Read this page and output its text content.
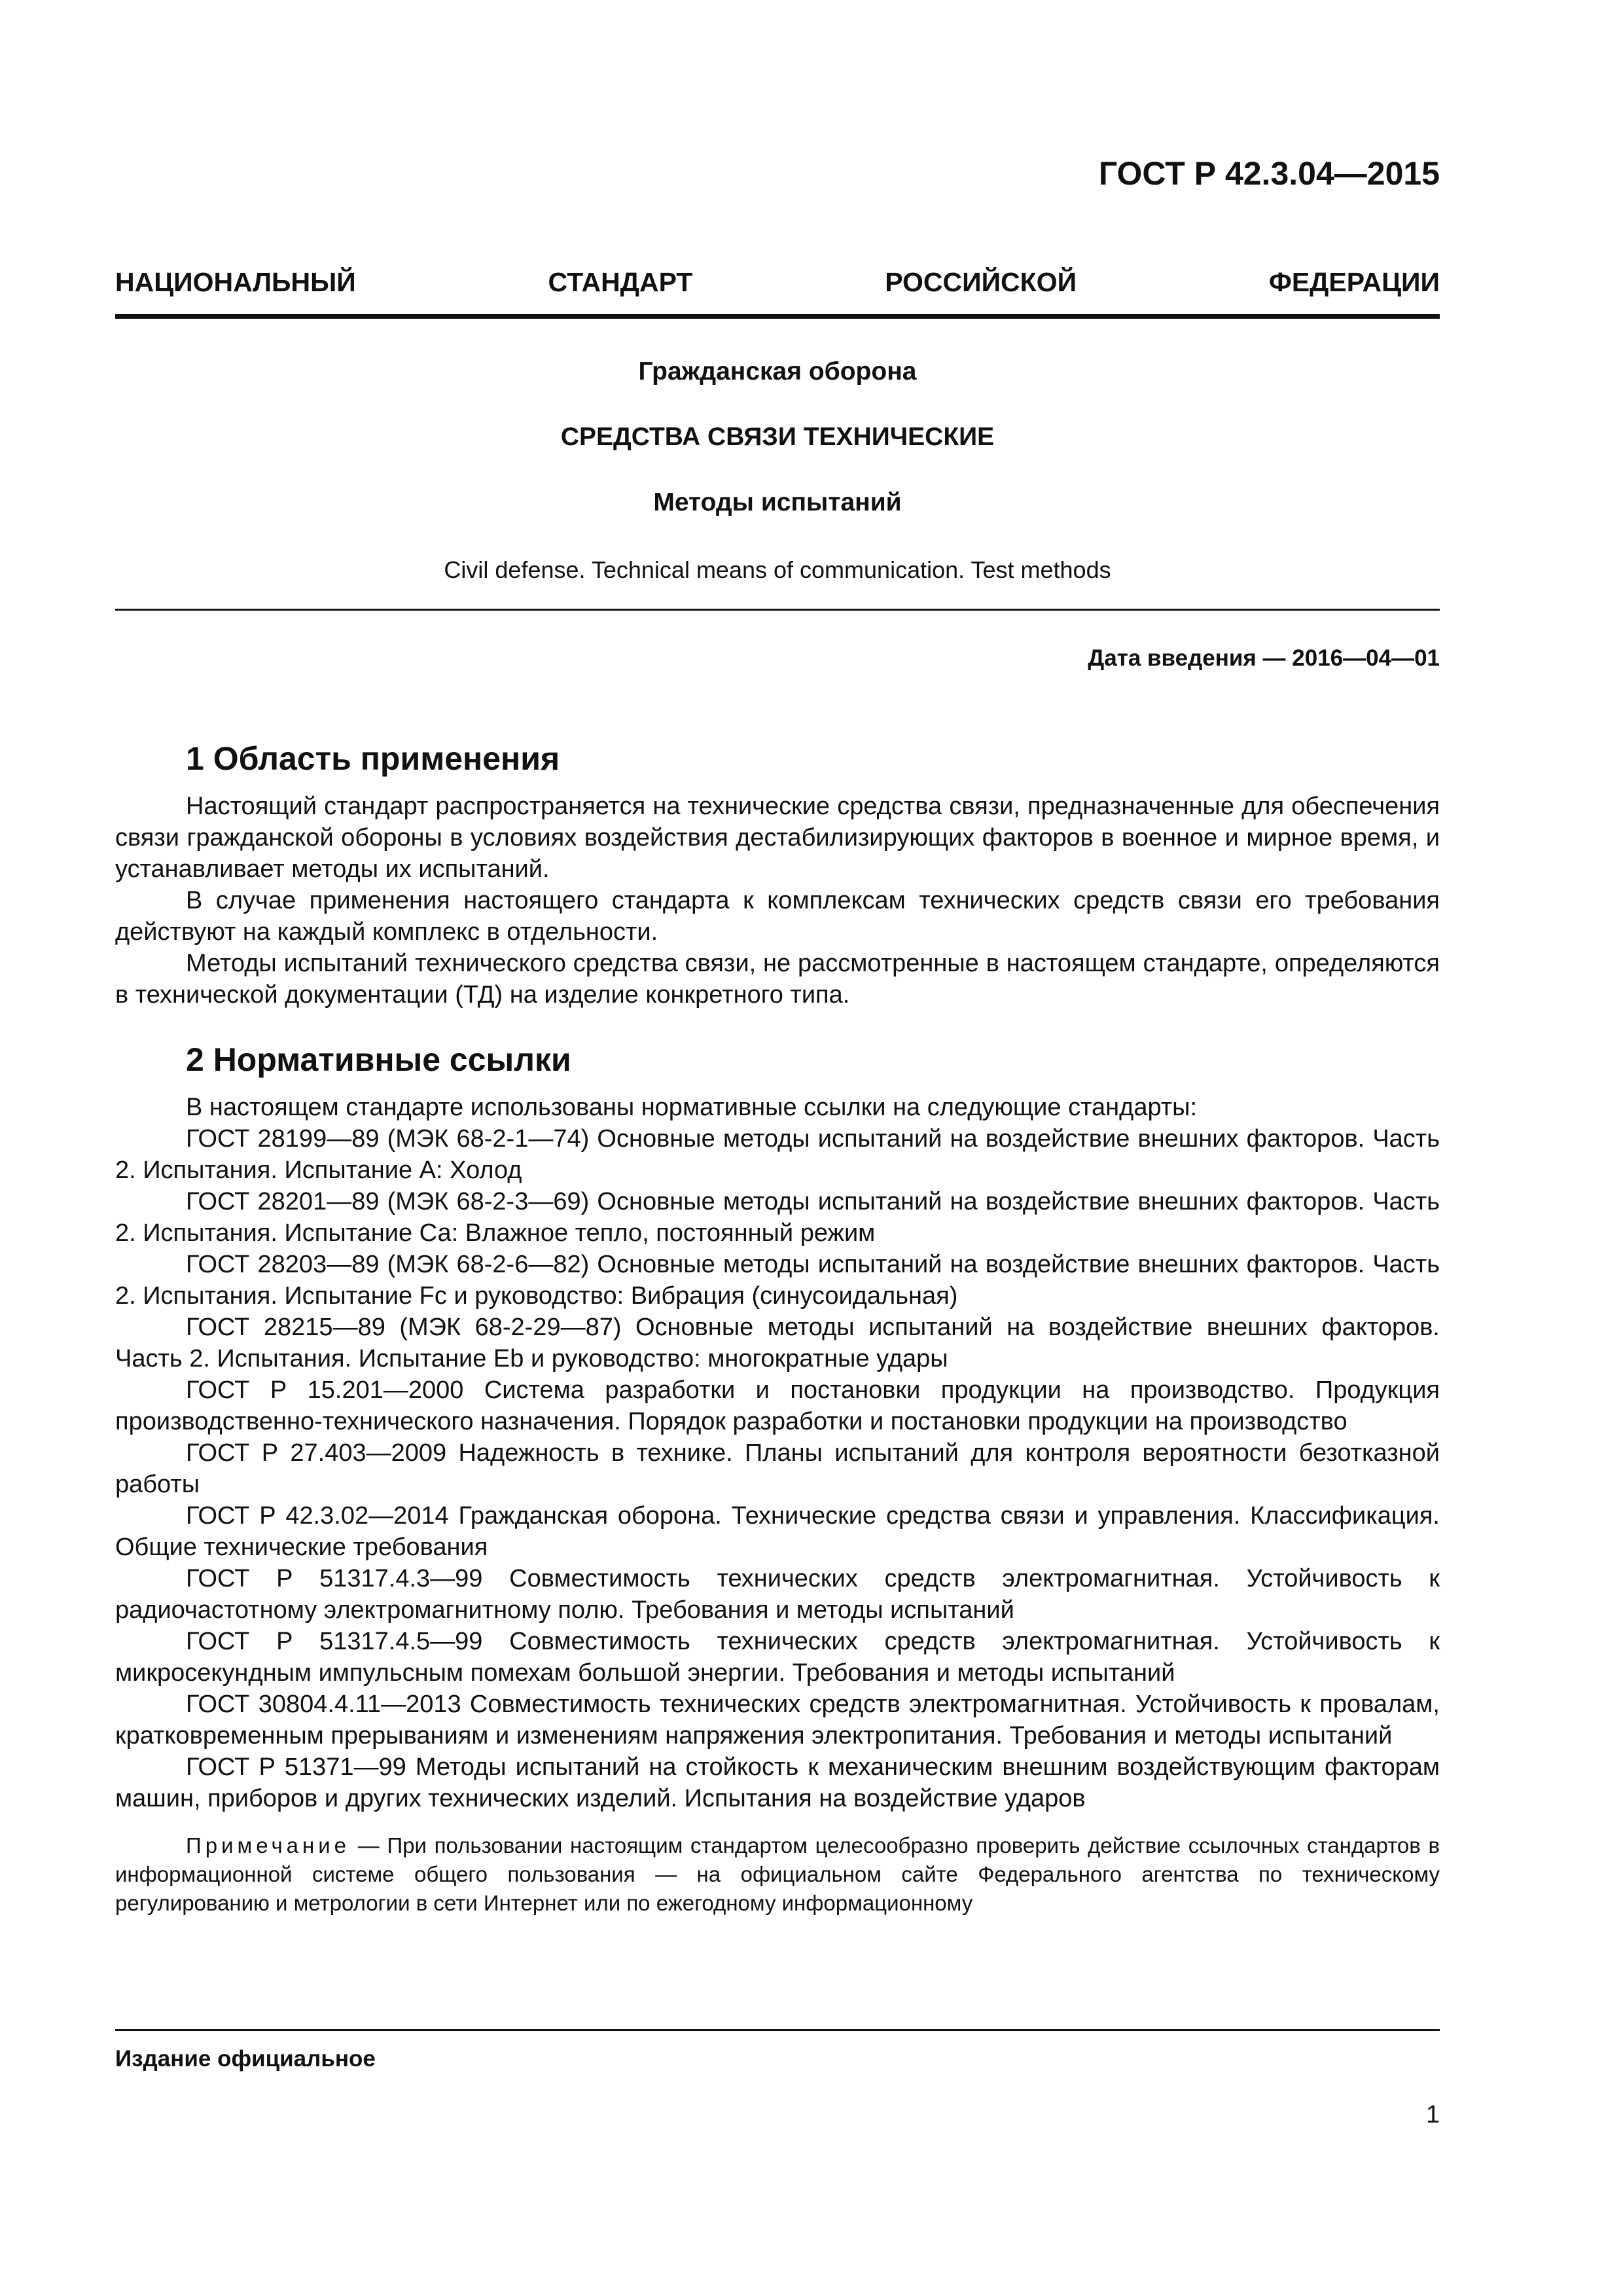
ГОСТ Р 42.3.04—2015
НАЦИОНАЛЬНЫЙ	СТАНДАРТ	РОССИЙСКОЙ	ФЕДЕРАЦИИ
Гражданская оборона
СРЕДСТВА СВЯЗИ ТЕХНИЧЕСКИЕ
Методы испытаний
Civil defense. Technical means of communication. Test methods
Дата введения — 2016—04—01
1 Область применения

Настоящий стандарт распространяется на технические средства связи, предназначенные для обеспечения связи гражданской обороны в условиях воздействия дестабилизирующих факторов в военное и мирное время, и устанавливает методы их испытаний.

В случае применения настоящего стандарта к комплексам технических средств связи его требования действуют на каждый комплекс в отдельности.

Методы испытаний технического средства связи, не рассмотренные в настоящем стандарте, определяются в технической документации (ТД) на изделие конкретного типа.

2 Нормативные ссылки

В настоящем стандарте использованы нормативные ссылки на следующие стандарты:

ГОСТ 28199—89 (МЭК 68-2-1—74) Основные методы испытаний на воздействие внешних факторов. Часть 2. Испытания. Испытание А: Холод

ГОСТ 28201—89 (МЭК 68-2-3—69) Основные методы испытаний на воздействие внешних факторов. Часть 2. Испытания. Испытание Са: Влажное тепло, постоянный режим

ГОСТ 28203—89 (МЭК 68-2-6—82) Основные методы испытаний на воздействие внешних факторов. Часть 2. Испытания. Испытание Fc и руководство: Вибрация (синусоидальная)

ГОСТ 28215—89 (МЭК 68-2-29—87) Основные методы испытаний на воздействие внешних факторов. Часть 2. Испытания. Испытание Eb и руководство: многократные удары

ГОСТ Р 15.201—2000 Система разработки и постановки продукции на производство. Продукция производственно-технического назначения. Порядок разработки и постановки продукции на производство

ГОСТ Р 27.403—2009 Надежность в технике. Планы испытаний для контроля вероятности безотказной работы

ГОСТ Р 42.3.02—2014 Гражданская оборона. Технические средства связи и управления. Классификация. Общие технические требования

ГОСТ Р 51317.4.3—99 Совместимость технических средств электромагнитная. Устойчивость к радиочастотному электромагнитному полю. Требования и методы испытаний

ГОСТ Р 51317.4.5—99 Совместимость технических средств электромагнитная. Устойчивость к микросекундным импульсным помехам большой энергии. Требования и методы испытаний

ГОСТ 30804.4.11—2013 Совместимость технических средств электромагнитная. Устойчивость к провалам, кратковременным прерываниям и изменениям напряжения электропитания. Требования и методы испытаний

ГОСТ Р 51371—99 Методы испытаний на стойкость к механическим внешним воздействующим факторам машин, приборов и других технических изделий. Испытания на воздействие ударов

Примечание — При пользовании настоящим стандартом целесообразно проверить действие ссылочных стандартов в информационной системе общего пользования — на официальном сайте Федерального агентства по техническому регулированию и метрологии в сети Интернет или по ежегодному информационному

Издание официальное
1
